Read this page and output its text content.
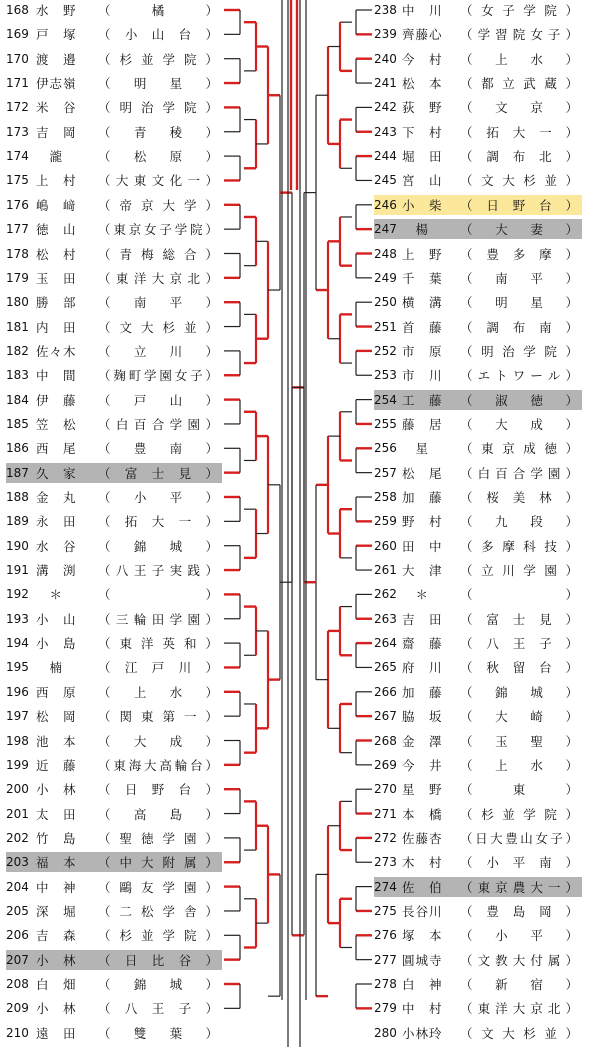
168 水　野	（	橘	）
169 戸　塚	（ 小 山 台 ）
170 渡　邉	（ 杉 並 学 院 ）
171 伊志嶺	（ 明 星 ）
172 米　谷	（ 明 治 学 院 ）
173 吉　岡	（ 青 稜 ）
174 　瀧	（ 松 原 ）
175 上　村	（ 大 東 文 化 一 ）
176 嶋　﨑	（ 帝 京 大 学 ）
177 徳　山	（ 東 京 女 子 学 院 ）
178 松　村	（ 青 梅 総 合 ）
179 玉　田	（ 東 洋 大 京 北 ）
180 勝　部	（ 南 平 ）
181 内　田	（ 文 大 杉 並 ）
182 佐々木	（ 立 川 ）
183 中　間	（ 麹 町 学 園 女 子 ）
184 伊　藤	（ 戸 山 ）
185 笠　松	（ 白 百 合 学 園 ）
186 西　尾	（ 豊 南 ）
187 久　家	（ 富 士 見 ）
188 金　丸	（ 小 平 ）
189 永　田	（ 拓 大 一 ）
190 水　谷	（ 錦 城 ）
191 溝　渕	（ 八 王 子 実 践 ）
192 　＊	（	）
193 小　山	（ 三 輪 田 学 園 ）
194 小　島	（ 東 洋 英 和 ）
195 　楠	（ 江 戸 川 ）
196 西　原	（ 上 水 ）
197 松　岡	（ 関 東 第 一 ）
198 池　本	（ 大 成 ）
199 近　藤	（ 東 海 大 高 輪 台 ）
200 小　林	（ 日 野 台 ）
201 太　田	（ 高 島 ）
202 竹　島	（ 聖 徳 学 園 ）
203 福　本	（ 中 大 附 属 ）
204 中　神	（ 鷗 友 学 園 ）
205 深　堀	（ 二 松 学 舎 ）
206 吉　森	（ 杉 並 学 院 ）
207 小　林	（ 日 比 谷 ）
208 白　畑	（ 錦 城 ）
209 小　林	（ 八 王 子 ）
210 遠　田	（ 雙 葉 ）
238 中　川	（ 女 子 学 院 ）
239 齊藤心	（ 学 習 院 女 子 ）
240 今　村	（ 上 水 ）
241 松　本	（ 都 立 武 蔵 ）
242 荻　野	（ 文 京 ）
243 下　村	（ 拓 大 一 ）
244 堀　田	（ 調 布 北 ）
245 宮　山	（ 文 大 杉 並 ）
246 小　柴	（ 日 野 台 ）
247 　楊	（ 大 妻 ）
248 上　野	（ 豊 多 摩 ）
249 千　葉	（ 南 平 ）
250 横　溝	（ 明 星 ）
251 首　藤	（ 調 布 南 ）
252 市　原	（ 明 治 学 院 ）
253 市　川	（ エ ト ワ ー ル ）
254 工　藤	（ 淑 徳 ）
255 藤　居	（ 大 成 ）
256 　星	（ 東 京 成 徳 ）
257 松　尾	（ 白 百 合 学 園 ）
258 加　藤	（ 桜 美 林 ）
259 野　村	（ 九 段 ）
260 田　中	（ 多 摩 科 技 ）
261 大　津	（ 立 川 学 園 ）
262 　＊	（	）
263 吉　田	（ 富 士 見 ）
264 齋　藤	（ 八 王 子 ）
265 府　川	（ 秋 留 台 ）
266 加　藤	（ 錦 城 ）
267 脇　坂	（ 大 崎 ）
268 金　澤	（ 玉 聖 ）
269 今　井	（ 上 水 ）
270 星　野	（	東	）
271 本　橋	（ 杉 並 学 院 ）
272 佐藤杏	（ 日 大 豊 山 女 子 ）
273 木　村	（ 小 平 南 ）
274 佐　伯	（ 東 京 農 大 一 ）
275 長谷川	（ 豊 島 岡 ）
276 塚　本	（ 小 平 ）
277 圓城寺	（ 文 教 大 付 属 ）
278 白　神	（ 新 宿 ）
279 中　村	（ 東 洋 大 京 北 ）
280 小林玲	（ 文 大 杉 並 ）
